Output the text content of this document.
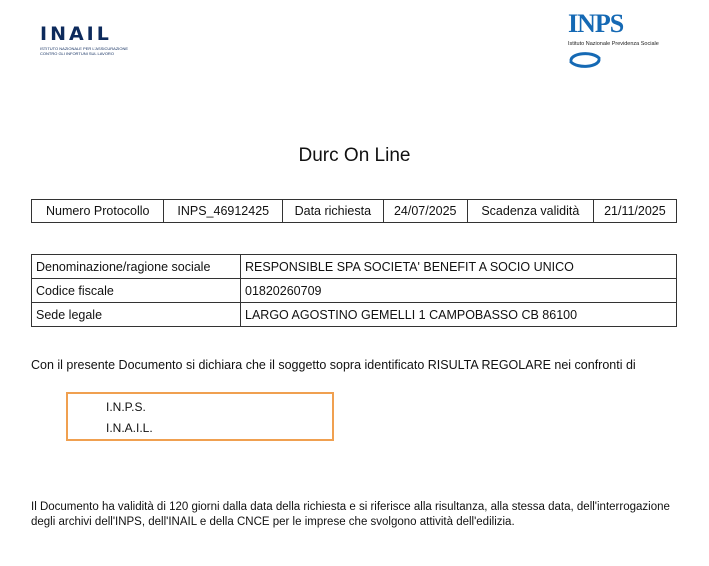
INAIL
ISTITUTO NAZIONALE PER L'ASSICURAZIONE
CONTRO GLI INFORTUNI SUL LAVORO
INPS
Istituto Nazionale Previdenza Sociale
Durc On Line
Numero Protocollo	INPS_46912425	Data richiesta	24/07/2025	Scadenza validità	21/11/2025
Denominazione/ragione sociale	RESPONSIBLE SPA SOCIETA' BENEFIT A SOCIO UNICO
Codice fiscale	01820260709
Sede legale	LARGO AGOSTINO GEMELLI 1 CAMPOBASSO CB 86100
Con il presente Documento si dichiara che il soggetto sopra identificato RISULTA REGOLARE nei confronti di
I.N.P.S.
I.N.A.I.L.
Il Documento ha validità di 120 giorni dalla data della richiesta e si riferisce alla risultanza, alla stessa data, dell'interrogazione degli archivi dell'INPS, dell'INAIL e della CNCE per le imprese che svolgono attività dell'edilizia.
